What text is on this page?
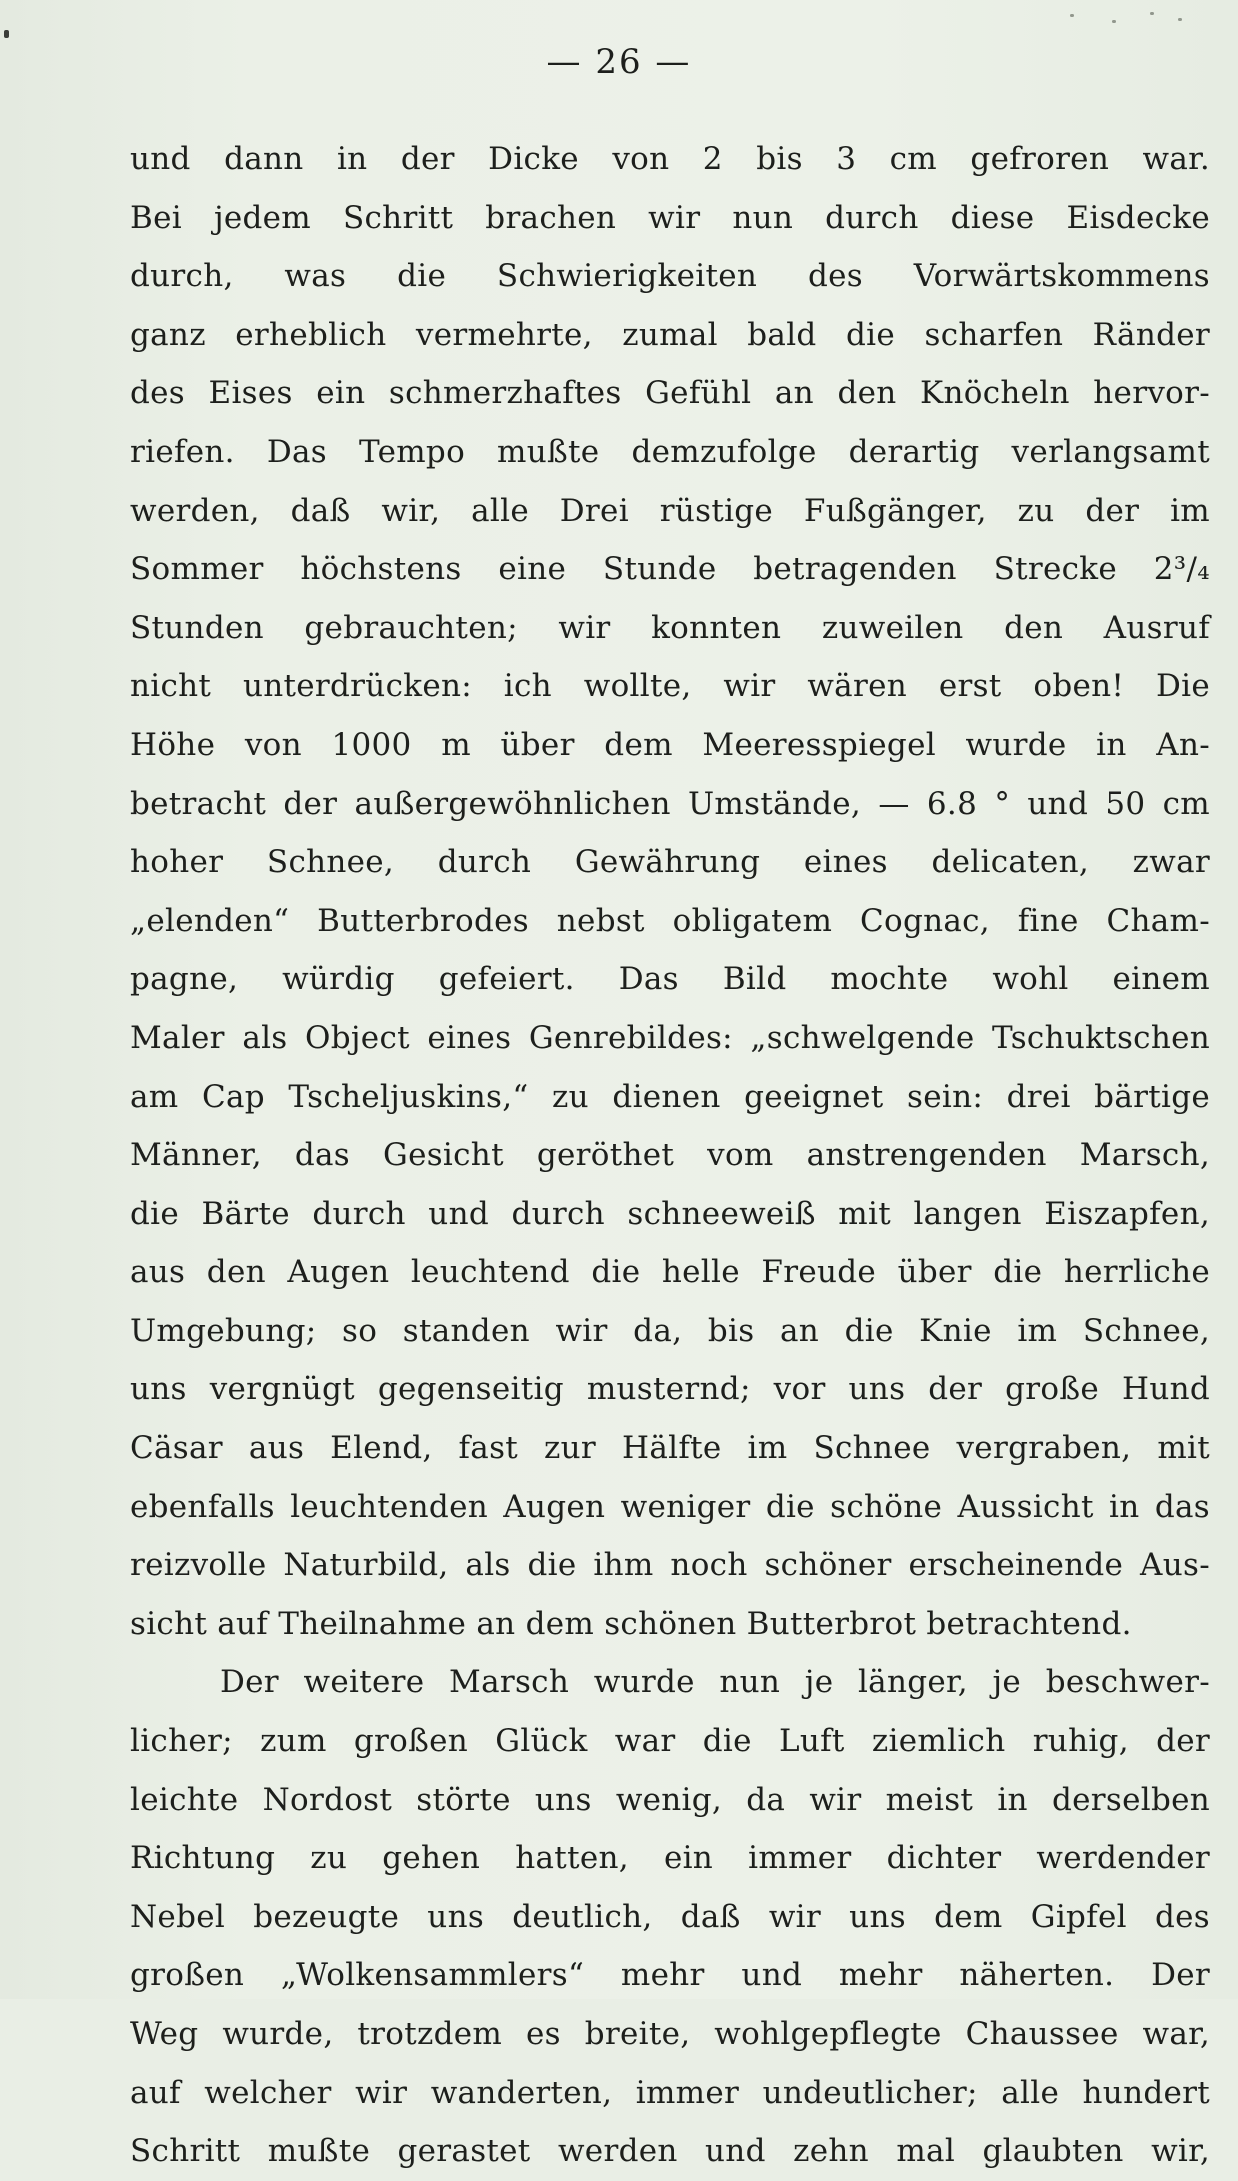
— 26 —
und dann in der Dicke von 2 bis 3 cm gefroren war.
Bei jedem Schritt brachen wir nun durch diese Eisdecke
durch, was die Schwierigkeiten des Vorwärtskommens
ganz erheblich vermehrte, zumal bald die scharfen Ränder
des Eises ein schmerzhaftes Gefühl an den Knöcheln hervor-
riefen. Das Tempo mußte demzufolge derartig verlangsamt
werden, daß wir, alle Drei rüstige Fußgänger, zu der im
Sommer höchstens eine Stunde betragenden Strecke 2³/₄
Stunden gebrauchten; wir konnten zuweilen den Ausruf
nicht unterdrücken: ich wollte, wir wären erst oben! Die
Höhe von 1000 m über dem Meeresspiegel wurde in An-
betracht der außergewöhnlichen Umstände, — 6.8 ° und 50 cm
hoher Schnee, durch Gewährung eines delicaten, zwar
„elenden“ Butterbrodes nebst obligatem Cognac, fine Cham-
pagne, würdig gefeiert. Das Bild mochte wohl einem
Maler als Object eines Genrebildes: „schwelgende Tschuktschen
am Cap Tscheljuskins,“ zu dienen geeignet sein: drei bärtige
Männer, das Gesicht geröthet vom anstrengenden Marsch,
die Bärte durch und durch schneeweiß mit langen Eiszapfen,
aus den Augen leuchtend die helle Freude über die herrliche
Umgebung; so standen wir da, bis an die Knie im Schnee,
uns vergnügt gegenseitig musternd; vor uns der große Hund
Cäsar aus Elend, fast zur Hälfte im Schnee vergraben, mit
ebenfalls leuchtenden Augen weniger die schöne Aussicht in das
reizvolle Naturbild, als die ihm noch schöner erscheinende Aus-
sicht auf Theilnahme an dem schönen Butterbrot betrachtend.
Der weitere Marsch wurde nun je länger, je beschwer-
licher; zum großen Glück war die Luft ziemlich ruhig, der
leichte Nordost störte uns wenig, da wir meist in derselben
Richtung zu gehen hatten, ein immer dichter werdender
Nebel bezeugte uns deutlich, daß wir uns dem Gipfel des
großen „Wolkensammlers“ mehr und mehr näherten. Der
Weg wurde, trotzdem es breite, wohlgepflegte Chaussee war,
auf welcher wir wanderten, immer undeutlicher; alle hundert
Schritt mußte gerastet werden und zehn mal glaubten wir,
